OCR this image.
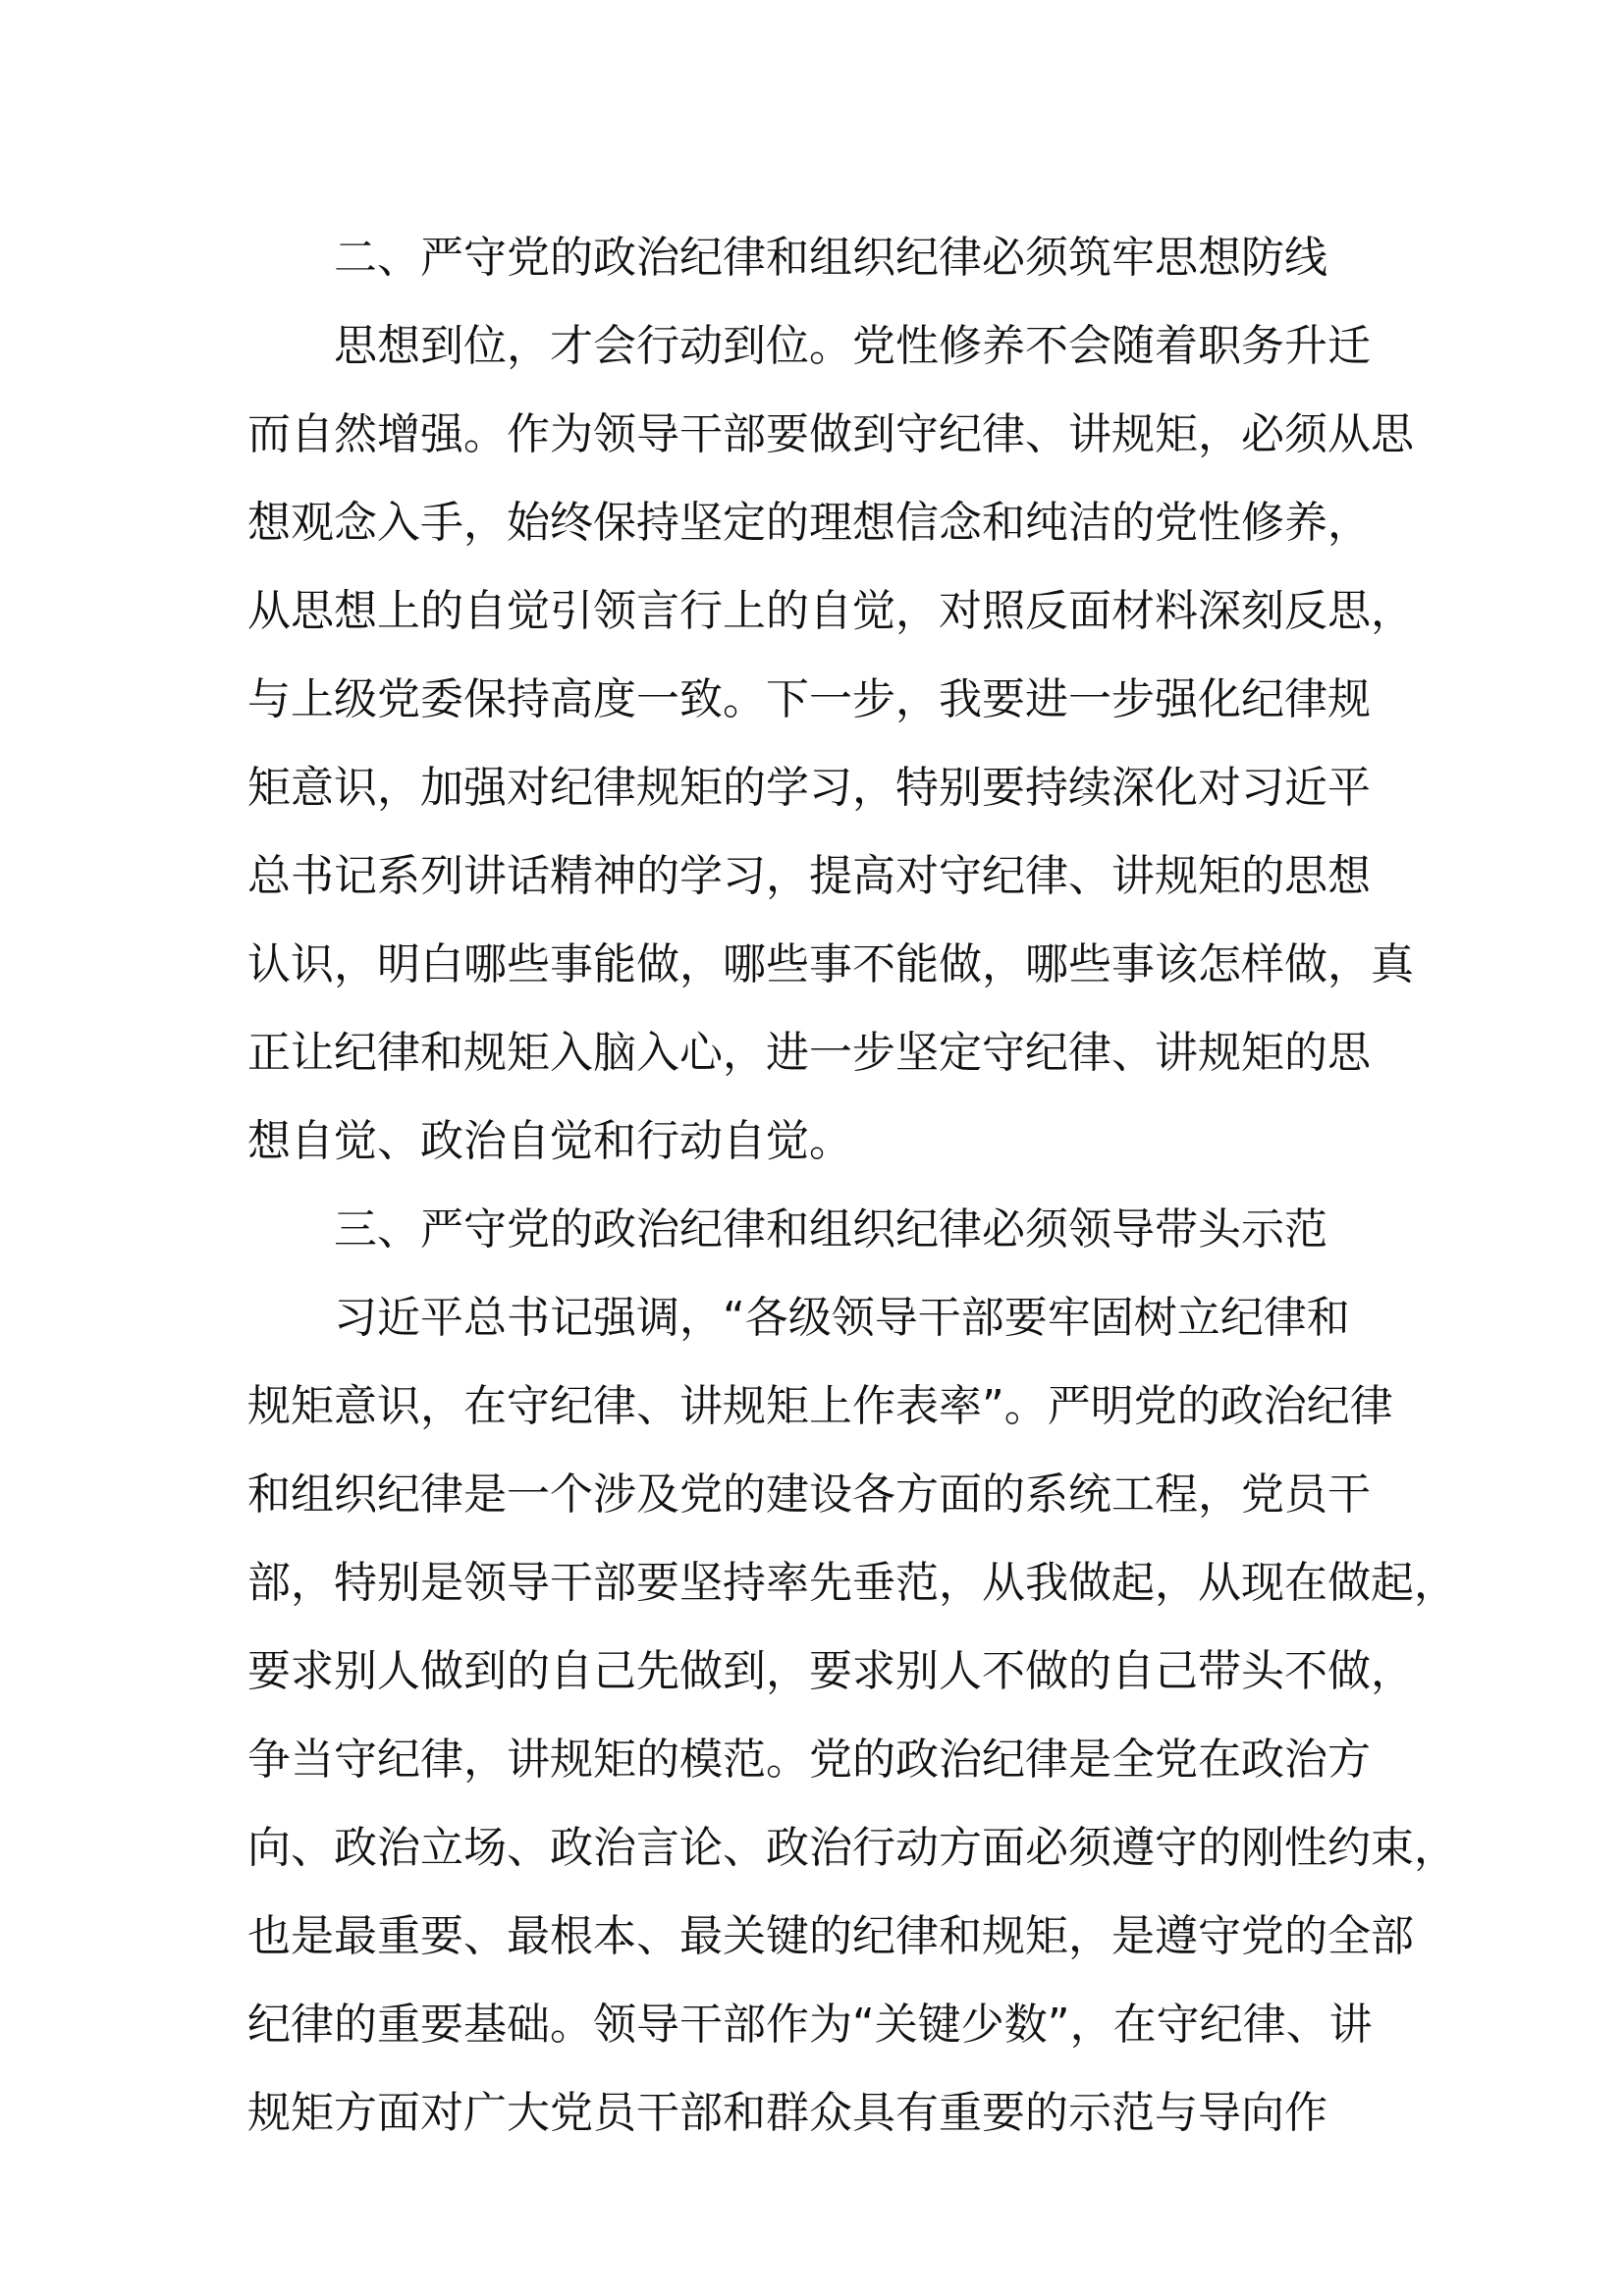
二、严守党的政治纪律和组织纪律必须筑牢思想防线
思想到位，才会行动到位。党性修养不会随着职务升迁
而自然增强。作为领导干部要做到守纪律、讲规矩，必须从思
想观念入手，始终保持坚定的理想信念和纯洁的党性修养，
从思想上的自觉引领言行上的自觉，对照反面材料深刻反思，
与上级党委保持高度一致。下一步，我要进一步强化纪律规
矩意识，加强对纪律规矩的学习，特别要持续深化对习近平
总书记系列讲话精神的学习，提高对守纪律、讲规矩的思想
认识，明白哪些事能做，哪些事不能做，哪些事该怎样做，真
正让纪律和规矩入脑入心，进一步坚定守纪律、讲规矩的思
想自觉、政治自觉和行动自觉。
三、严守党的政治纪律和组织纪律必须领导带头示范
习近平总书记强调，“各级领导干部要牢固树立纪律和
规矩意识，在守纪律、讲规矩上作表率”。严明党的政治纪律
和组织纪律是一个涉及党的建设各方面的系统工程，党员干
部，特别是领导干部要坚持率先垂范，从我做起，从现在做起，
要求别人做到的自己先做到，要求别人不做的自己带头不做，
争当守纪律，讲规矩的模范。党的政治纪律是全党在政治方
向、政治立场、政治言论、政治行动方面必须遵守的刚性约束，
也是最重要、最根本、最关键的纪律和规矩，是遵守党的全部
纪律的重要基础。领导干部作为“关键少数”，在守纪律、讲
规矩方面对广大党员干部和群众具有重要的示范与导向作
